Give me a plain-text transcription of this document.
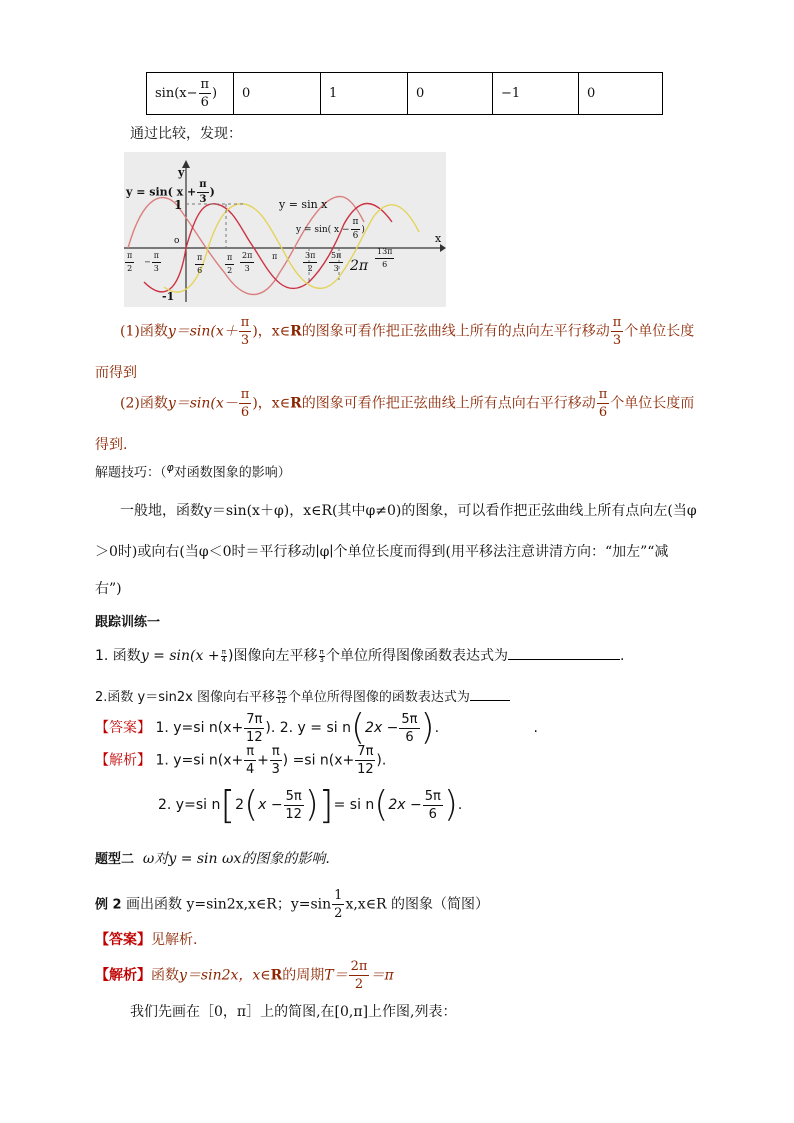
$\sin(x- \frac{\pi}{6}$ )	0	1	0	−1	0
通过比较，发现：
y = sin( $x + \frac{\pi}{3}$ )
y = sin x
y = sin( $x - \frac{\pi}{6}$ )
y
x
1
-1
o
2π
$\frac{\pi}{2} - \frac{\pi}{3}$	$\frac{\pi}{6}$	$\frac{\pi}{2} \frac{2\pi}{3}$ π	$\frac{3\pi}{2} \frac{5\pi}{3}$	$\frac{13\pi}{6}$
(1)函数$y=\sin(x+ \frac{\pi}{3}$ )，x∈R的图象可看作把正弦曲线上所有的点向左平行移动 $\frac{\pi}{3}$ 个单位长度
而得到
(2)函数$y=\sin(x- \frac{\pi}{6}$ )，x∈R的图象可看作把正弦曲线上所有点向右平行移动 $\frac{\pi}{6}$ 个单位长度而
得到.
解题技巧：（$^\varphi$对函数图象的影响）
一般地，函数y＝sin(x＋φ)，x∈R(其中φ≠0)的图象，可以看作把正弦曲线上所有点向左(当φ
＞0时)或向右(当φ＜0时＝平行移动∣φ∣个单位长度而得到(用平移法注意讲清方向：“加左”“减
右”)
跟踪训练一
1. 函数$y = \sin(x + \frac{\pi}{4}$ )图像向左平移 $\frac{\pi}{3}$ 个单位所得图像函数表达式为	.
2.函数 y＝sin2x 图像向右平移 $\frac{5\pi}{12}$ 个单位所得图像的函数表达式为
【答案】 1. y=si $n(x+ \frac{7\pi}{12}$ ). 2. y = si $n(2x - \frac{5\pi}{6}$ ).	.
【解析】 1. y=si $n(x+ \frac{\pi}{4} + \frac{\pi}{3}$ ) =si $n(x+ \frac{7\pi}{12}$ ).
2. y=si $n[2(x - \frac{5\pi}{12}$ )]= si $n(2x - \frac{5\pi}{6}$ ).
题型二 ω对y = sin ωx的图象的影响.
例 2 画出函数 y=sin2x,x∈R；$y=\sin \frac{1}{2}$ x,x∈R 的图象（简图）
【答案】见解析.
【解析】函数y＝sin2x，x∈R的周期$T= \frac{2\pi}{2} =\pi$
我们先画在［0，π］上的简图,在[0,π]上作图,列表：
